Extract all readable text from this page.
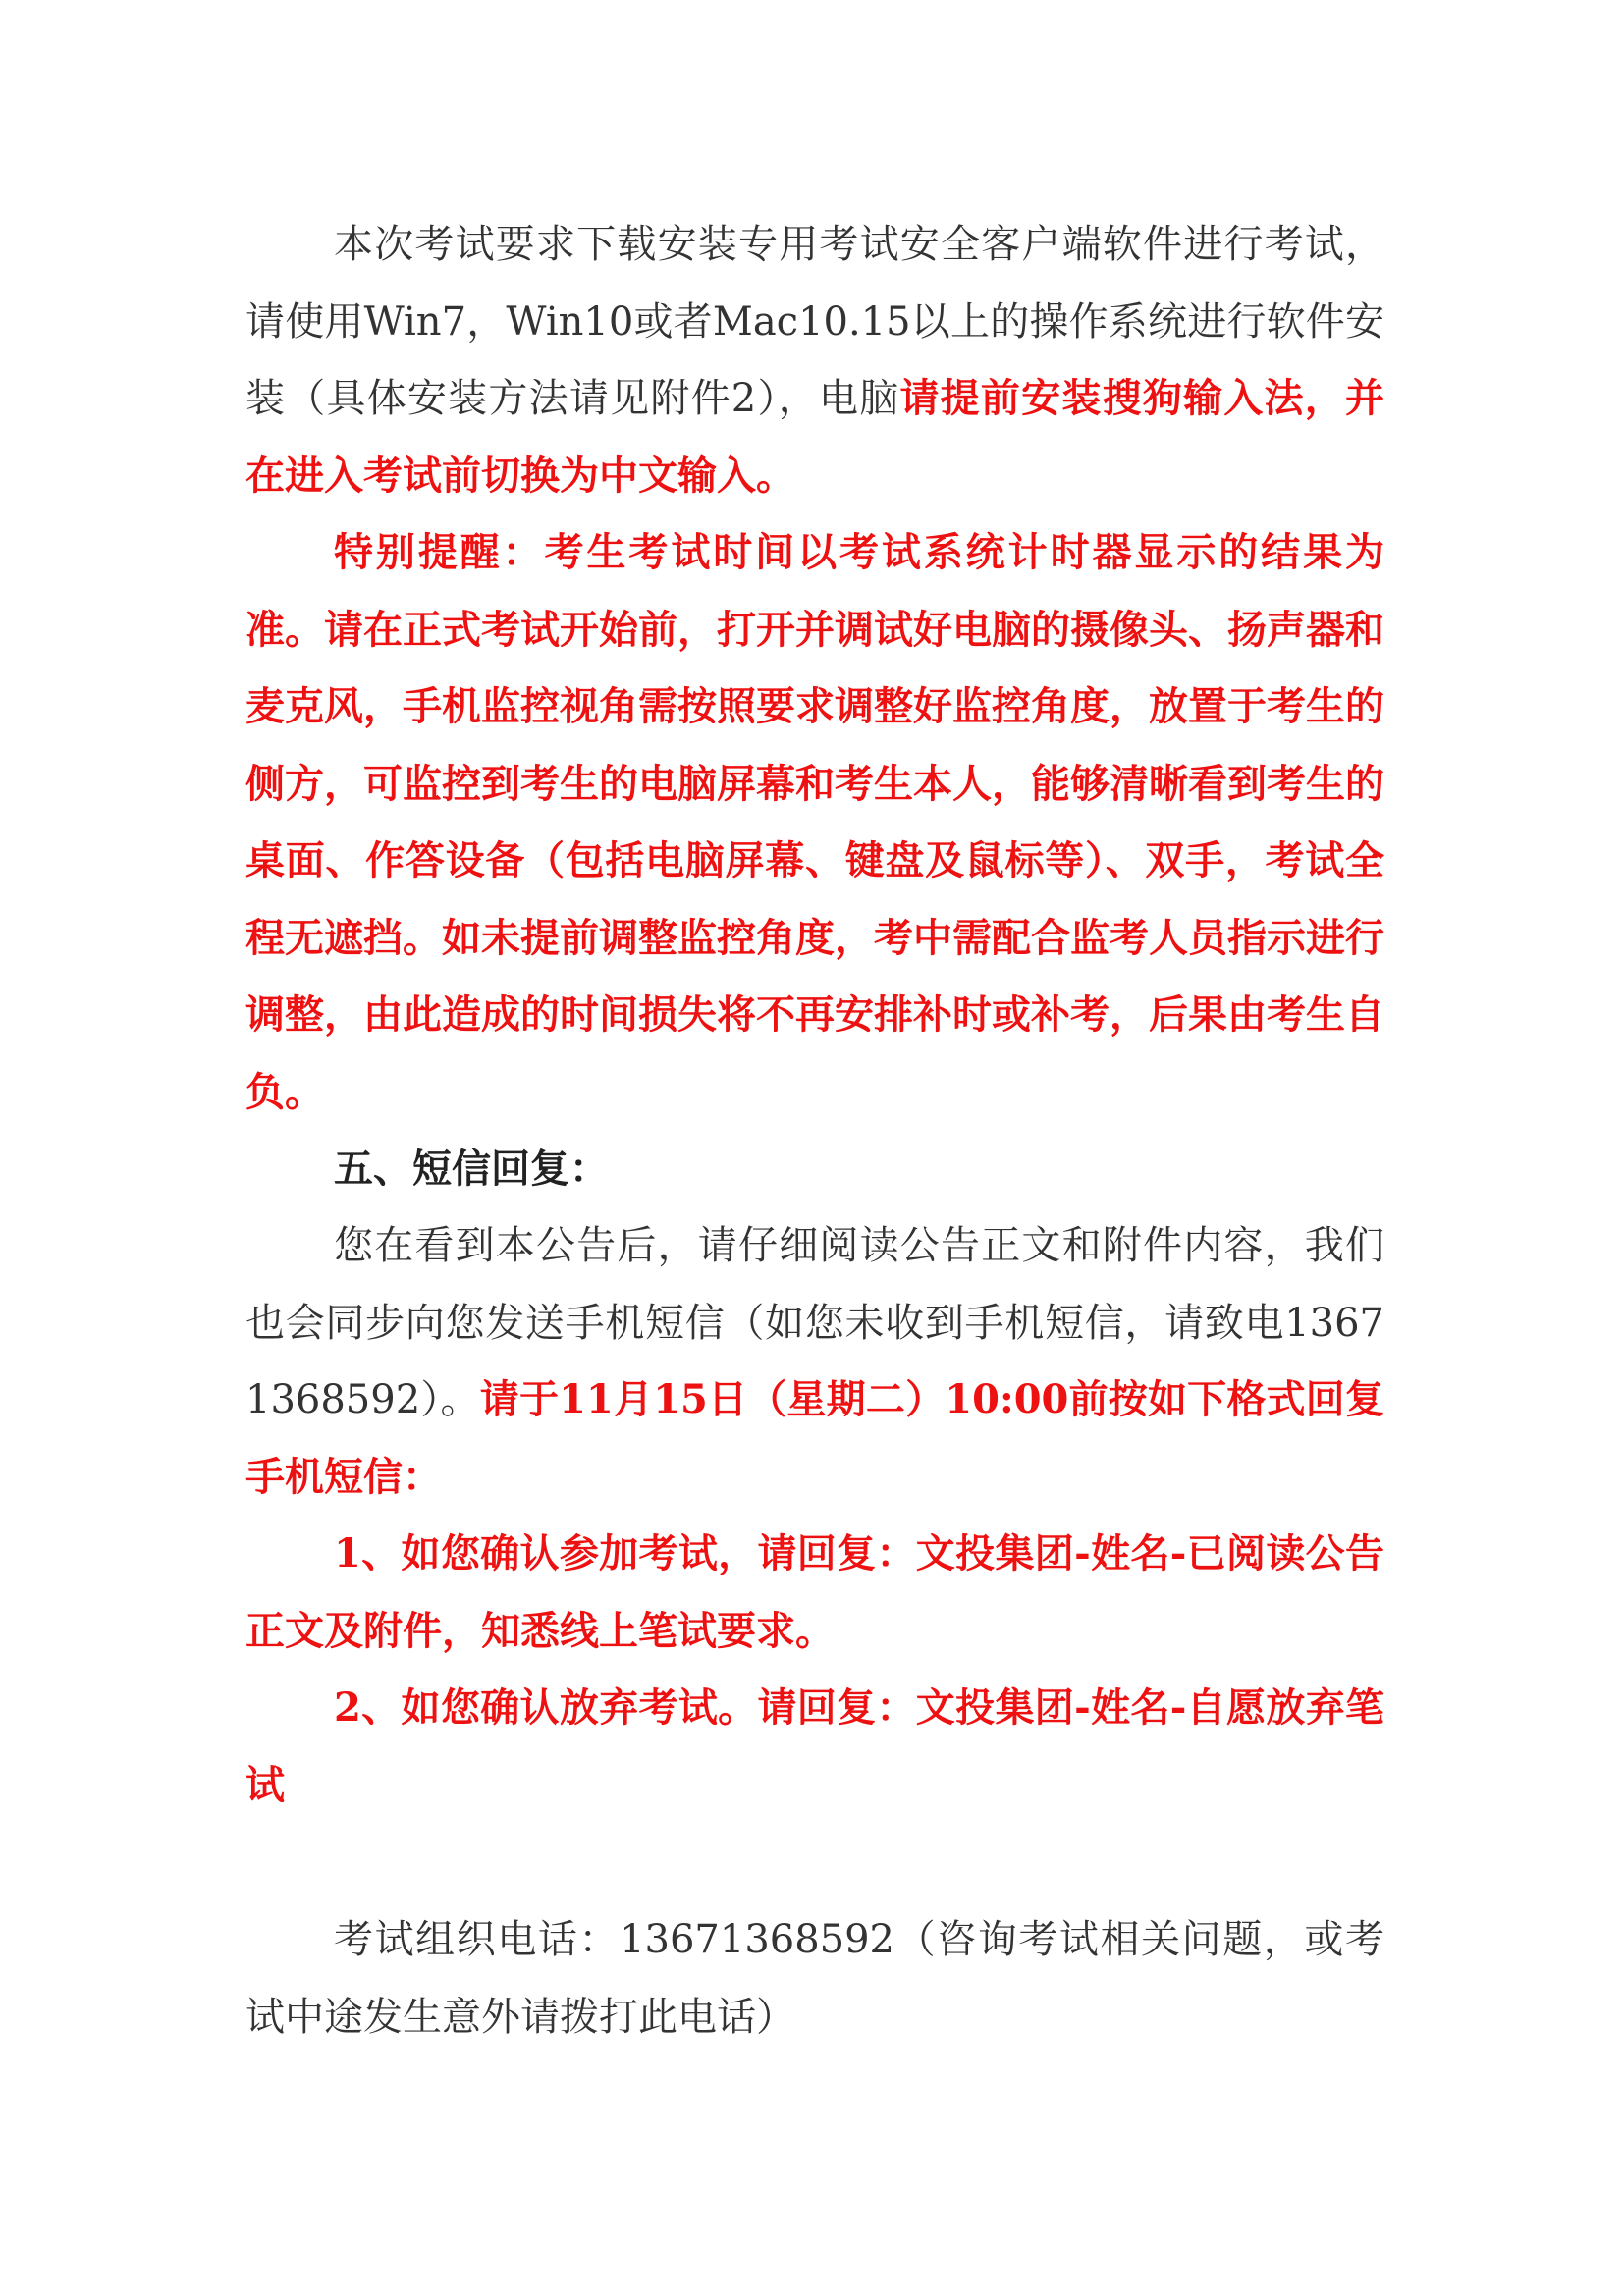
本次考试要求下载安装专用考试安全客户端软件进行考试，请使用Win7，Win10或者Mac10.15以上的操作系统进行软件安装（具体安装方法请见附件2），电脑请提前安装搜狗输入法，并在进入考试前切换为中文输入。

特别提醒：考生考试时间以考试系统计时器显示的结果为准。请在正式考试开始前，打开并调试好电脑的摄像头、扬声器和麦克风，手机监控视角需按照要求调整好监控角度，放置于考生的侧方，可监控到考生的电脑屏幕和考生本人，能够清晰看到考生的桌面、作答设备（包括电脑屏幕、键盘及鼠标等）、双手，考试全程无遮挡。如未提前调整监控角度，考中需配合监考人员指示进行调整，由此造成的时间损失将不再安排补时或补考，后果由考生自负。

五、短信回复：

您在看到本公告后，请仔细阅读公告正文和附件内容，我们也会同步向您发送手机短信（如您未收到手机短信，请致电13671368592）。请于11月15日（星期二）10:00前按如下格式回复手机短信：

1、如您确认参加考试，请回复：文投集团-姓名-已阅读公告正文及附件，知悉线上笔试要求。

2、如您确认放弃考试。请回复：文投集团-姓名-自愿放弃笔试

考试组织电话：13671368592（咨询考试相关问题，或考试中途发生意外请拨打此电话）
